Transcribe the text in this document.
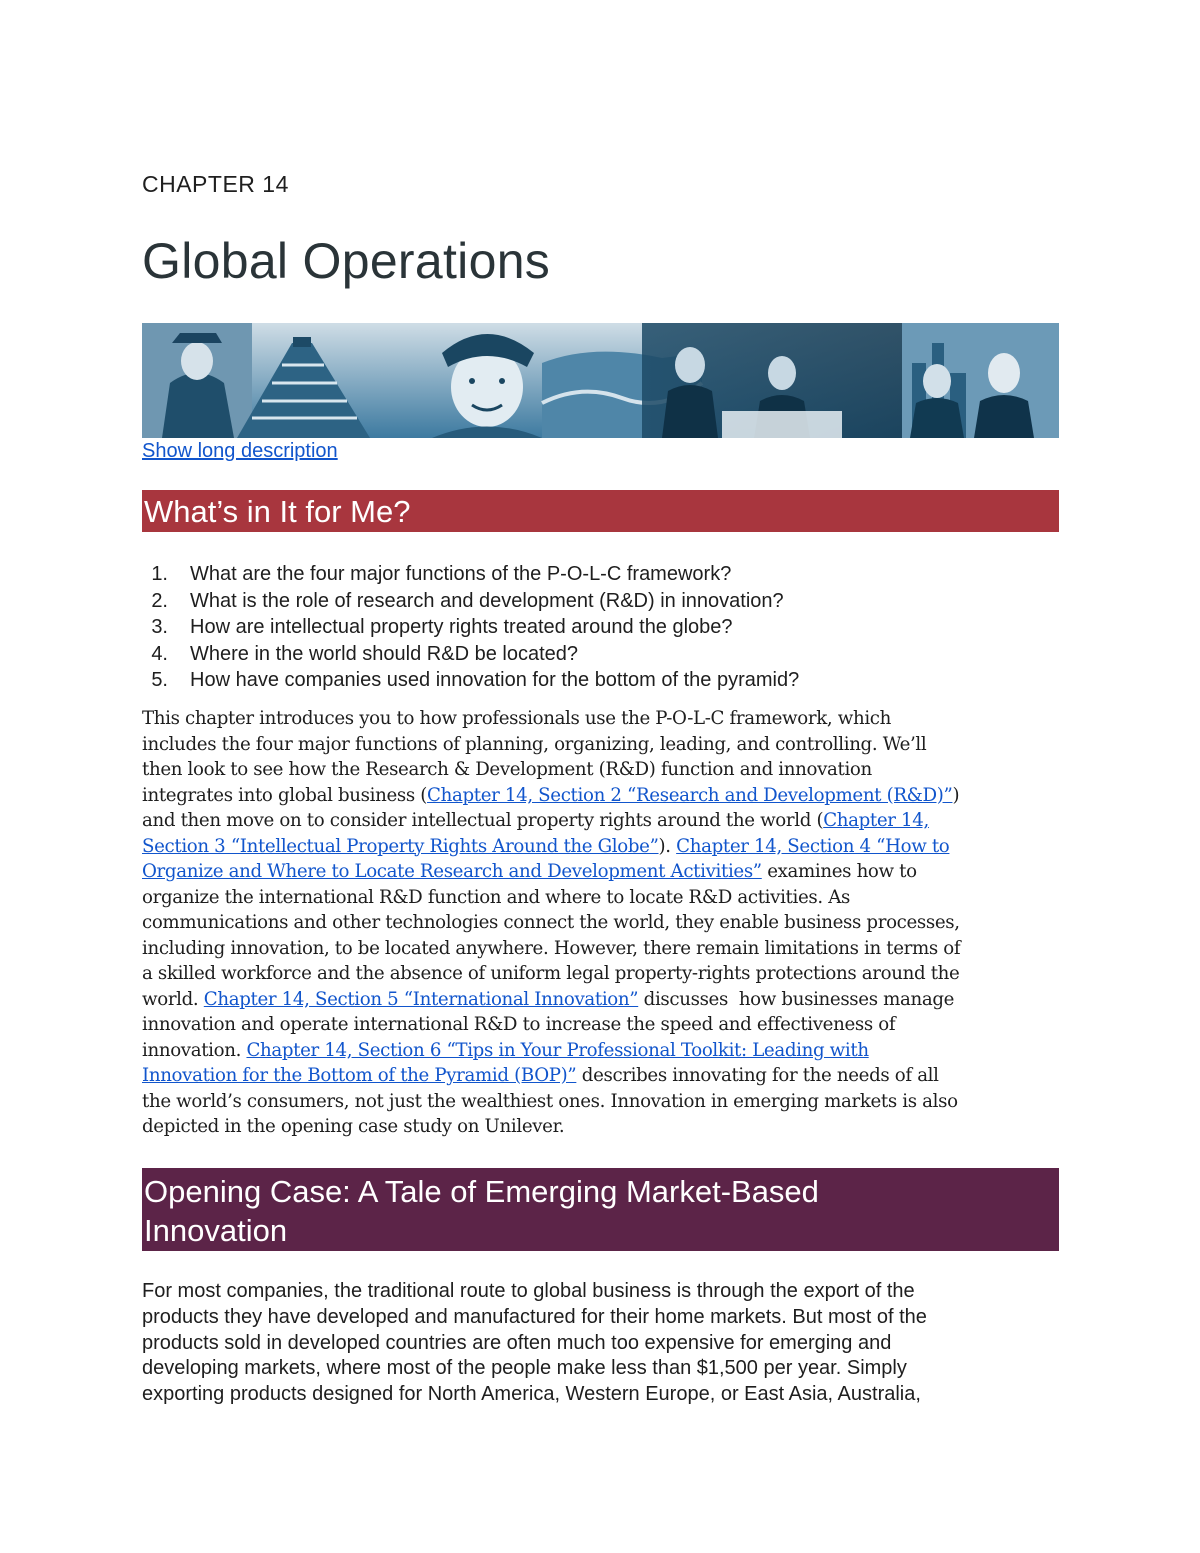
CHAPTER 14
Global Operations
Show long description
What’s in It for Me?
1.	What are the four major functions of the P-O-L-C framework?
2.	What is the role of research and development (R&D) in innovation?
3.	How are intellectual property rights treated around the globe?
4.	Where in the world should R&D be located?
5.	How have companies used innovation for the bottom of the pyramid?

This chapter introduces you to how professionals use the P-O-L-C framework, which
includes the four major functions of planning, organizing, leading, and controlling. We’ll
then look to see how the Research & Development (R&D) function and innovation
integrates into global business (Chapter 14, Section 2 “Research and Development (R&D)”)
and then move on to consider intellectual property rights around the world (Chapter 14,
Section 3 “Intellectual Property Rights Around the Globe”). Chapter 14, Section 4 “How to
Organize and Where to Locate Research and Development Activities” examines how to
organize the international R&D function and where to locate R&D activities. As
communications and other technologies connect the world, they enable business processes,
including innovation, to be located anywhere. However, there remain limitations in terms of
a skilled workforce and the absence of uniform legal property-rights protections around the
world. Chapter 14, Section 5 “International Innovation” discusses  how businesses manage
innovation and operate international R&D to increase the speed and effectiveness of
innovation. Chapter 14, Section 6 “Tips in Your Professional Toolkit: Leading with
Innovation for the Bottom of the Pyramid (BOP)” describes innovating for the needs of all
the world’s consumers, not just the wealthiest ones. Innovation in emerging markets is also
depicted in the opening case study on Unilever.

Opening Case: A Tale of Emerging Market-Based
Innovation

For most companies, the traditional route to global business is through the export of the
products they have developed and manufactured for their home markets. But most of the
products sold in developed countries are often much too expensive for emerging and
developing markets, where most of the people make less than $1,500 per year. Simply
exporting products designed for North America, Western Europe, or East Asia, Australia,
